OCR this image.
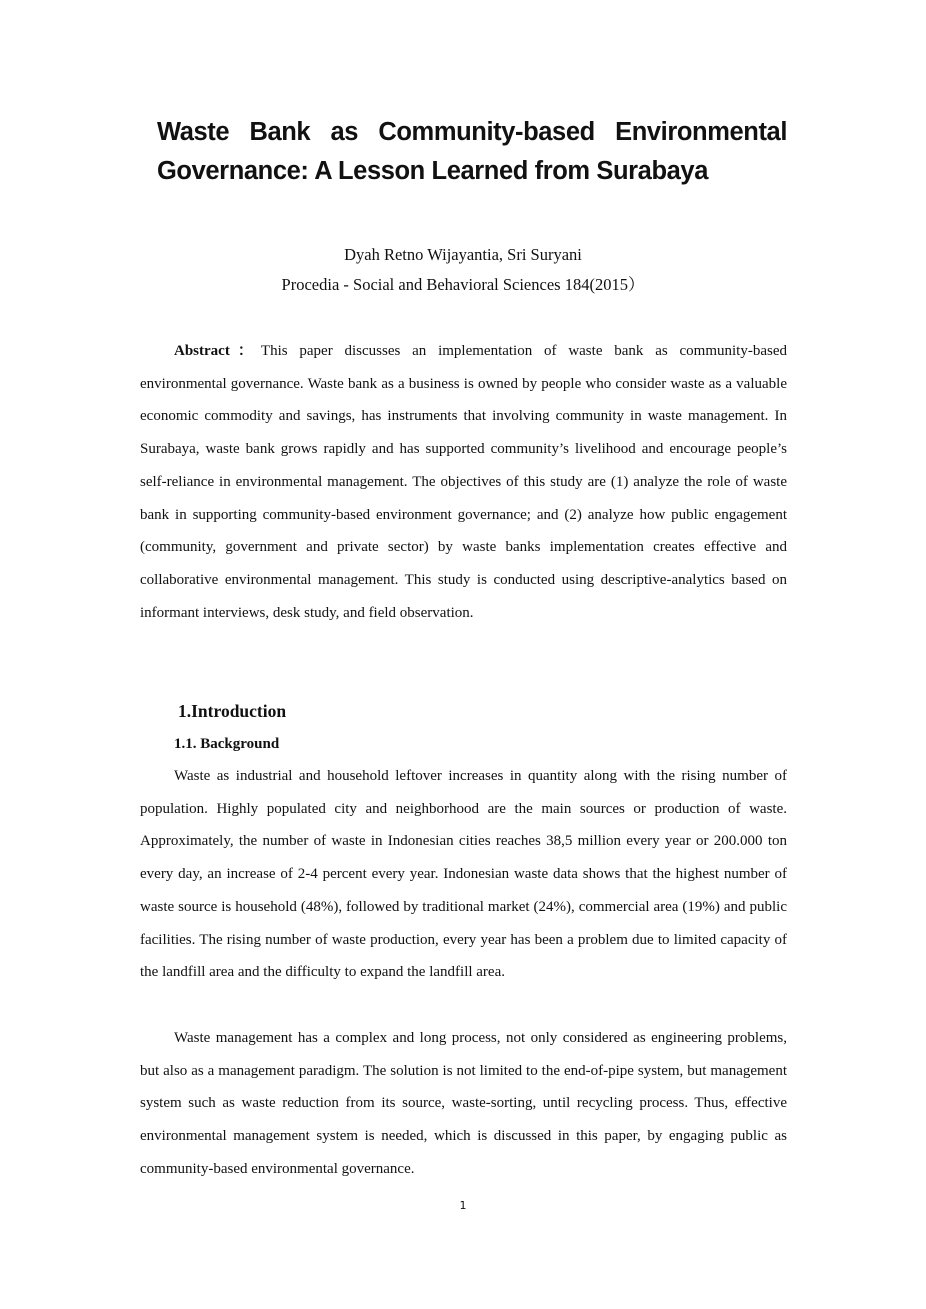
Waste Bank as Community-based Environmental Governance: A Lesson Learned from Surabaya
Dyah Retno Wijayantia, Sri Suryani
Procedia - Social and Behavioral Sciences 184(2015）

Abstract：This paper discusses an implementation of waste bank as community-based environmental governance. Waste bank as a business is owned by people who consider waste as a valuable economic commodity and savings, has instruments that involving community in waste management. In Surabaya, waste bank grows rapidly and has supported community’s livelihood and encourage people’s self-reliance in environmental management. The objectives of this study are (1) analyze the role of waste bank in supporting community-based environment governance; and (2) analyze how public engagement (community, government and private sector) by waste banks implementation creates effective and collaborative environmental management. This study is conducted using descriptive-analytics based on informant interviews, desk study, and field observation.

1.Introduction
1.1. Background

Waste as industrial and household leftover increases in quantity along with the rising number of population. Highly populated city and neighborhood are the main sources or production of waste. Approximately, the number of waste in Indonesian cities reaches 38,5 million every year or 200.000 ton every day, an increase of 2-4 percent every year. Indonesian waste data shows that the highest number of waste source is household (48%), followed by traditional market (24%), commercial area (19%) and public facilities. The rising number of waste production, every year has been a problem due to limited capacity of the landfill area and the difficulty to expand the landfill area.

Waste management has a complex and long process, not only considered as engineering problems, but also as a management paradigm. The solution is not limited to the end-of-pipe system, but management system such as waste reduction from its source, waste-sorting, until recycling process. Thus, effective environmental management system is needed, which is discussed in this paper, by engaging public as community-based environmental governance.

1
